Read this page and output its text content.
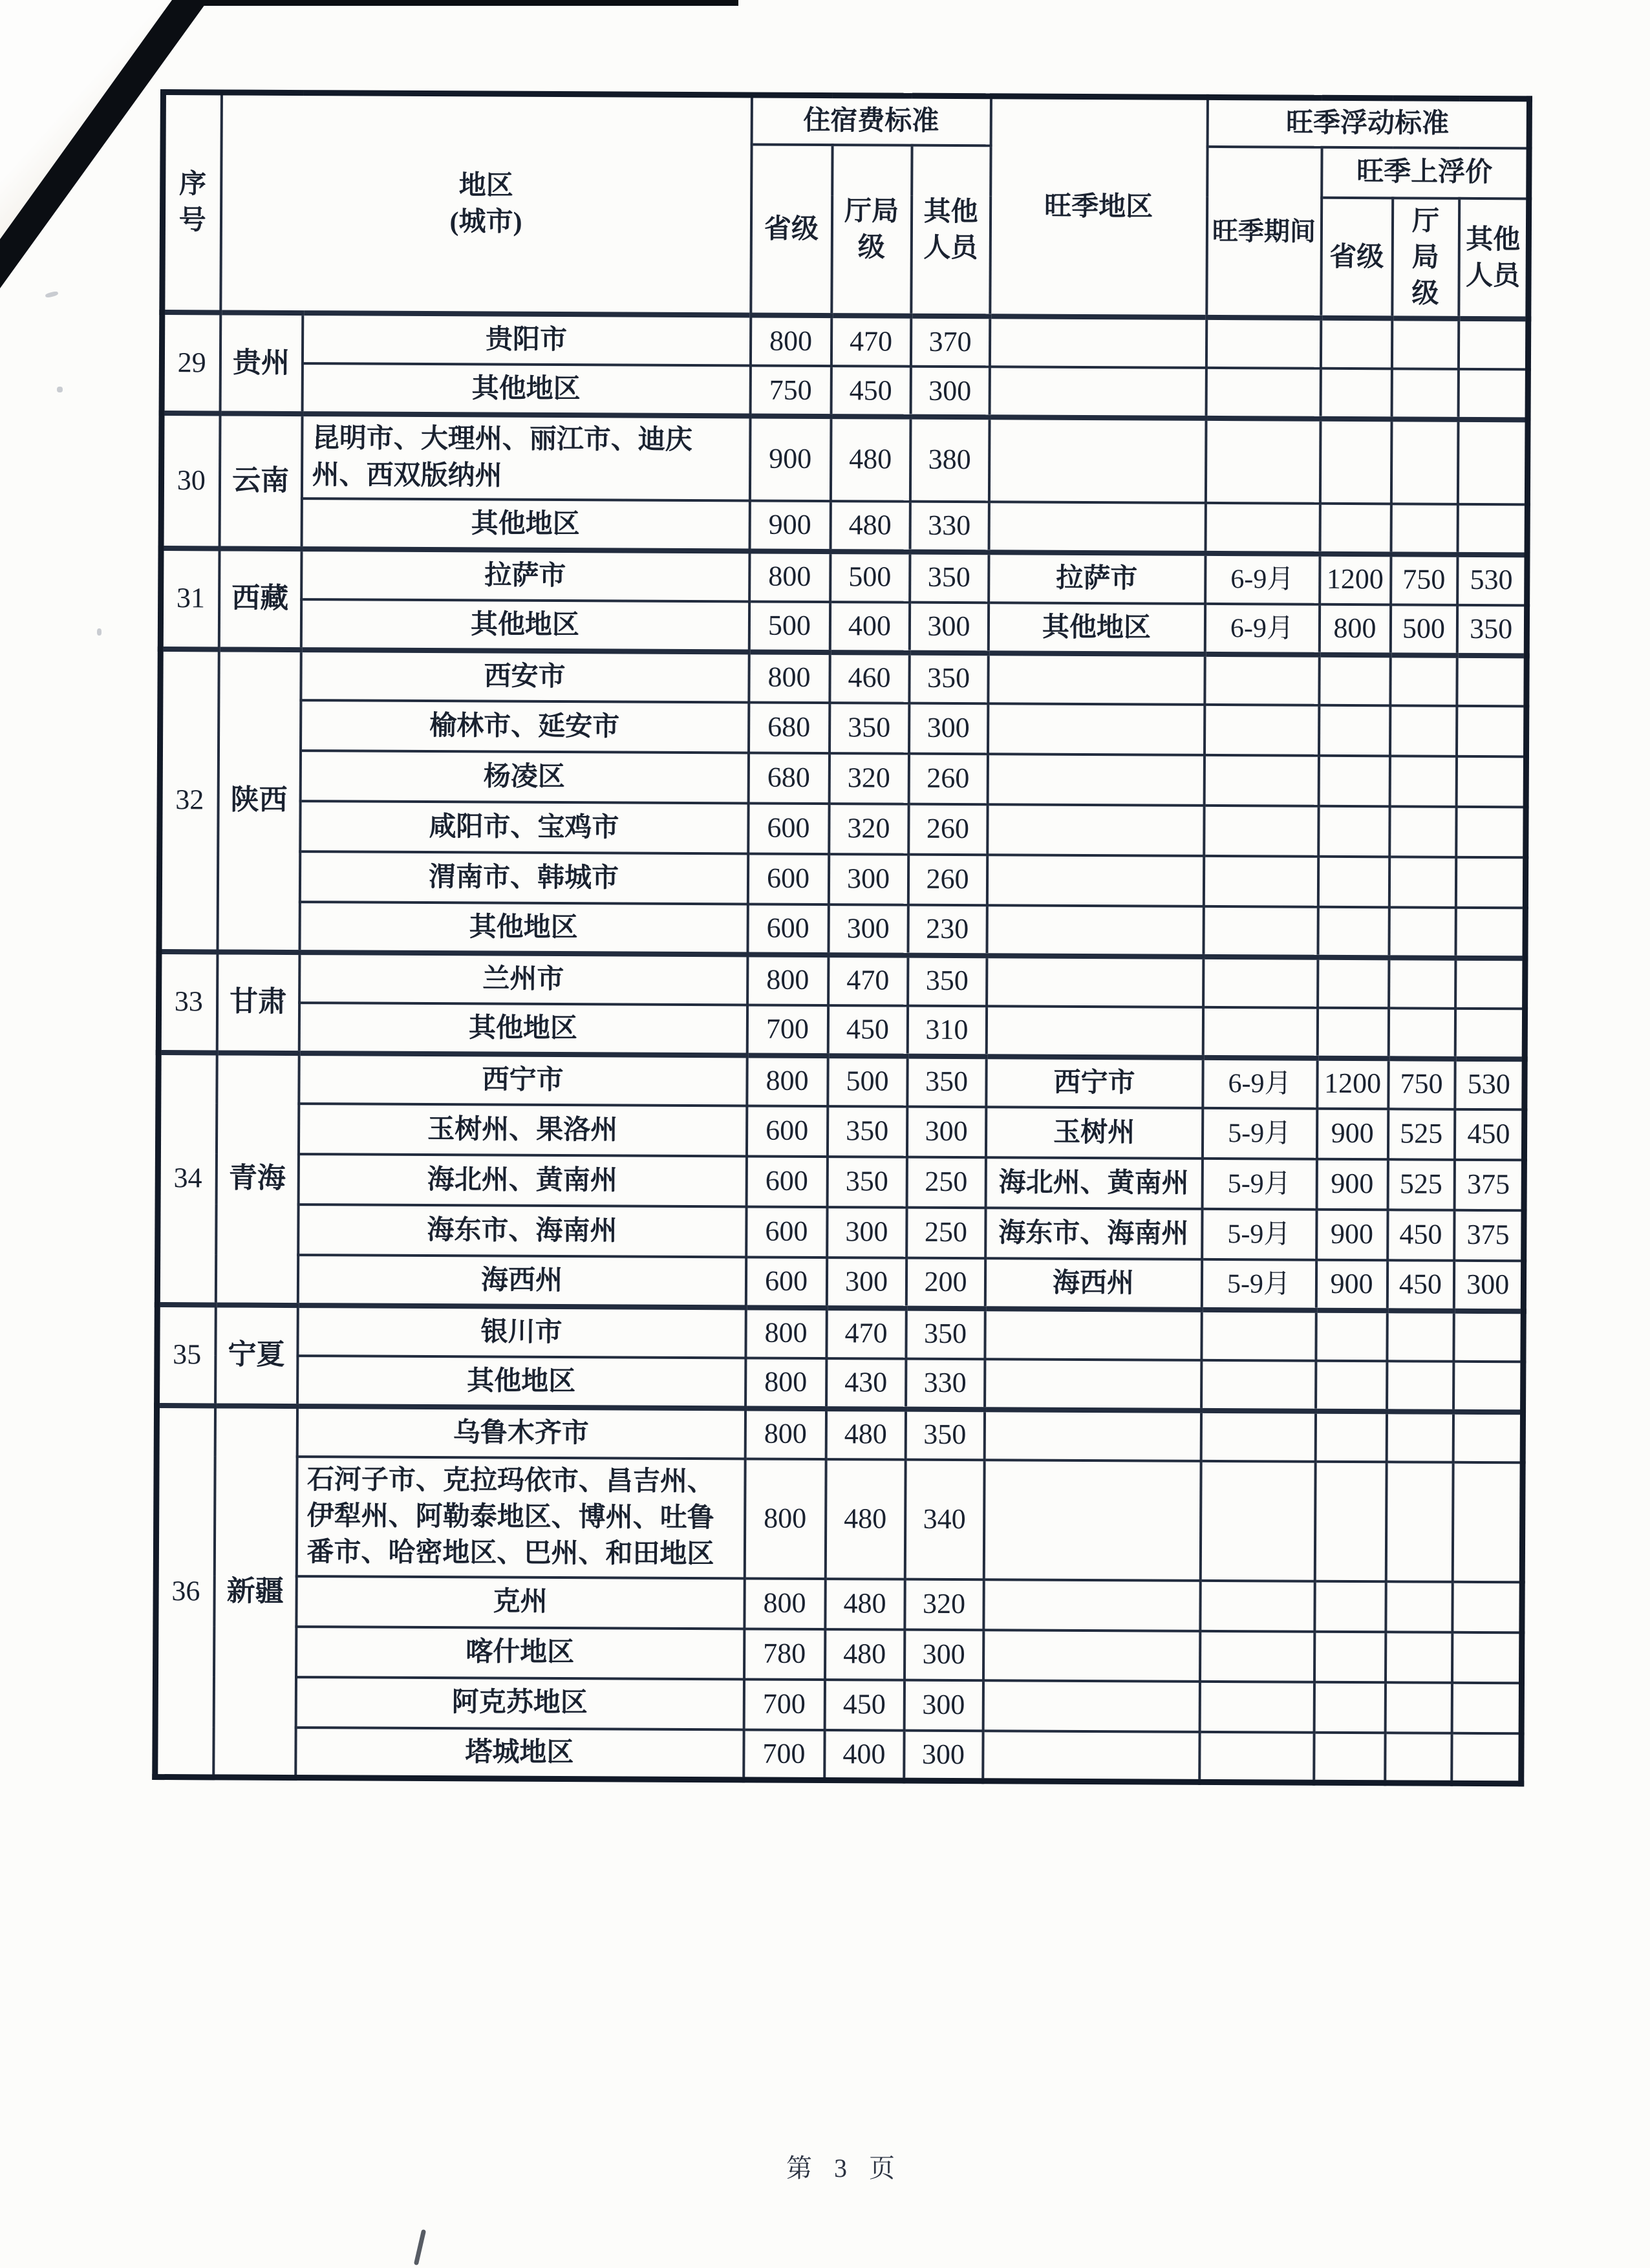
序号	地区
(城市)		住宿费标准			旺季地区	旺季浮动标准			
			省级	厅局级	其他人员		旺季期间	旺季上浮价		
								省级	厅局级	其他人员
29	贵州	贵阳市	800	470	370					
		其他地区	750	450	300					
30	云南	昆明市、大理州、丽江市、迪庆州、西双版纳州	900	480	380					
		其他地区	900	480	330					
31	西藏	拉萨市	800	500	350	拉萨市	6-9月	1200	750	530
		其他地区	500	400	300	其他地区	6-9月	800	500	350
32	陕西	西安市	800	460	350					
		榆林市、延安市	680	350	300					
		杨凌区	680	320	260					
		咸阳市、宝鸡市	600	320	260					
		渭南市、韩城市	600	300	260					
		其他地区	600	300	230					
33	甘肃	兰州市	800	470	350					
		其他地区	700	450	310					
34	青海	西宁市	800	500	350	西宁市	6-9月	1200	750	530
		玉树州、果洛州	600	350	300	玉树州	5-9月	900	525	450
		海北州、黄南州	600	350	250	海北州、黄南州	5-9月	900	525	375
		海东市、海南州	600	300	250	海东市、海南州	5-9月	900	450	375
		海西州	600	300	200	海西州	5-9月	900	450	300
35	宁夏	银川市	800	470	350					
		其他地区	800	430	330					
36	新疆	乌鲁木齐市	800	480	350					
		石河子市、克拉玛依市、昌吉州、伊犁州、阿勒泰地区、博州、吐鲁番市、哈密地区、巴州、和田地区	800	480	340					
		克州	800	480	320					
		喀什地区	780	480	300					
		阿克苏地区	700	450	300					
		塔城地区	700	400	300					
第 3 页
